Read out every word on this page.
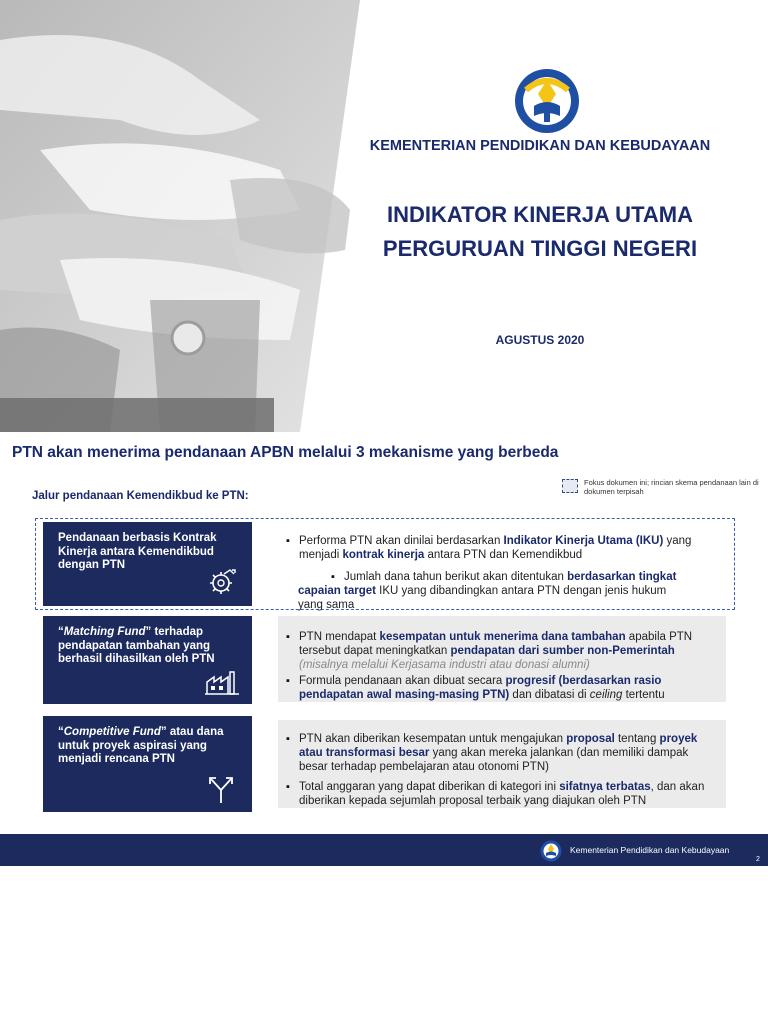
KEMENTERIAN PENDIDIKAN DAN KEBUDAYAAN
INDIKATOR KINERJA UTAMA
PERGURUAN TINGGI NEGERI
AGUSTUS 2020
PTN akan menerima pendanaan APBN melalui 3 mekanisme yang berbeda
Jalur pendanaan Kemendikbud ke PTN:
Fokus dokumen ini; rincian skema pendanaan lain di dokumen terpisah
Pendanaan berbasis Kontrak Kinerja antara Kemendikbud dengan PTN
▪ Performa PTN akan dinilai berdasarkan Indikator Kinerja Utama (IKU) yang menjadi kontrak kinerja antara PTN dan Kemendikbud
▪ Jumlah dana tahun berikut akan ditentukan berdasarkan tingkat capaian target IKU yang dibandingkan antara PTN dengan jenis hukum yang sama
“Matching Fund” terhadap pendapatan tambahan yang berhasil dihasilkan oleh PTN
▪ PTN mendapat kesempatan untuk menerima dana tambahan apabila PTN tersebut dapat meningkatkan pendapatan dari sumber non-Pemerintah (misalnya melalui Kerjasama industri atau donasi alumni)
▪ Formula pendanaan akan dibuat secara progresif (berdasarkan rasio pendapatan awal masing-masing PTN) dan dibatasi di ceiling tertentu
“Competitive Fund” atau dana untuk proyek aspirasi yang menjadi rencana PTN
▪ PTN akan diberikan kesempatan untuk mengajukan proposal tentang proyek atau transformasi besar yang akan mereka jalankan (dan memiliki dampak besar terhadap pembelajaran atau otonomi PTN)
▪ Total anggaran yang dapat diberikan di kategori ini sifatnya terbatas, dan akan diberikan kepada sejumlah proposal terbaik yang diajukan oleh PTN
Kementerian Pendidikan dan Kebudayaan
2
